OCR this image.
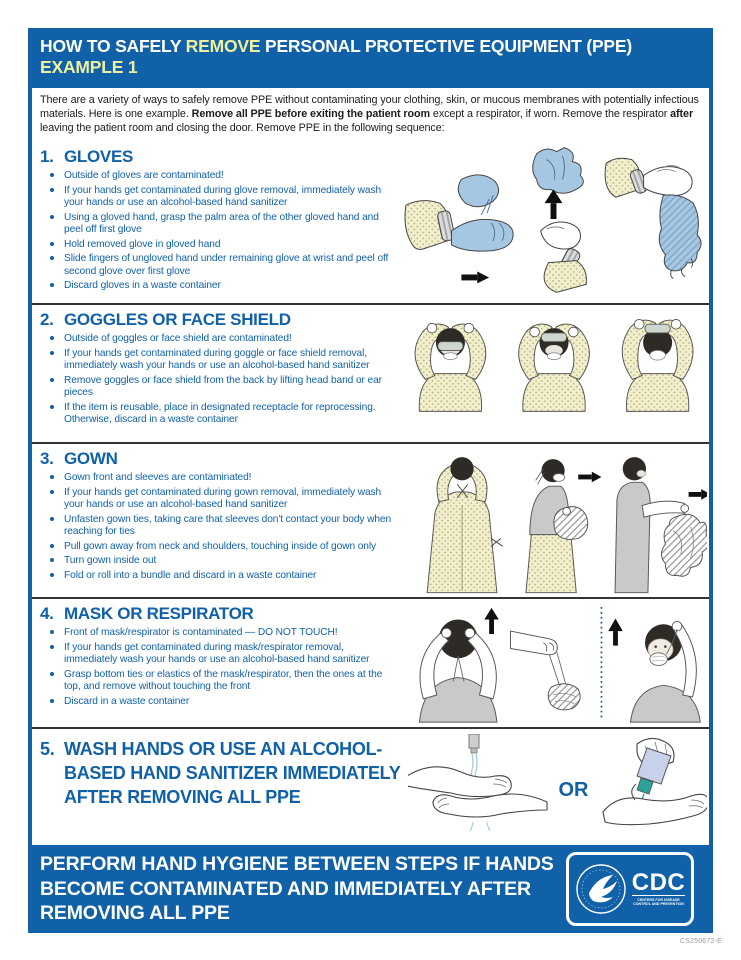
HOW TO SAFELY REMOVE PERSONAL PROTECTIVE EQUIPMENT (PPE)
EXAMPLE 1
There are a variety of ways to safely remove PPE without contaminating your clothing, skin, or mucous membranes with potentially infectious materials. Here is one example. Remove all PPE before exiting the patient room except a respirator, if worn. Remove the respirator after leaving the patient room and closing the door. Remove PPE in the following sequence:
1. GLOVES
Outside of gloves are contaminated!
If your hands get contaminated during glove removal, immediately wash your hands or use an alcohol-based hand sanitizer
Using a gloved hand, grasp the palm area of the other gloved hand and peel off first glove
Hold removed glove in gloved hand
Slide fingers of ungloved hand under remaining glove at wrist and peel off second glove over first glove
Discard gloves in a waste container
2. GOGGLES OR FACE SHIELD
Outside of goggles or face shield are contaminated!
If your hands get contaminated during goggle or face shield removal, immediately wash your hands or use an alcohol-based hand sanitizer
Remove goggles or face shield from the back by lifting head band or ear pieces
If the item is reusable, place in designated receptacle for reprocessing. Otherwise, discard in a waste container
3. GOWN
Gown front and sleeves are contaminated!
If your hands get contaminated during gown removal, immediately wash your hands or use an alcohol-based hand sanitizer
Unfasten gown ties, taking care that sleeves don't contact your body when reaching for ties
Pull gown away from neck and shoulders, touching inside of gown only
Turn gown inside out
Fold or roll into a bundle and discard in a waste container
4. MASK OR RESPIRATOR
Front of mask/respirator is contaminated — DO NOT TOUCH!
If your hands get contaminated during mask/respirator removal, immediately wash your hands or use an alcohol-based hand sanitizer
Grasp bottom ties or elastics of the mask/respirator, then the ones at the top, and remove without touching the front
Discard in a waste container
5. WASH HANDS OR USE AN ALCOHOL-BASED HAND SANITIZER IMMEDIATELY AFTER REMOVING ALL PPE	OR
PERFORM HAND HYGIENE BETWEEN STEPS IF HANDS BECOME CONTAMINATED AND IMMEDIATELY AFTER REMOVING ALL PPE
CDC
CENTERS FOR DISEASE CONTROL AND PREVENTION
CS250672-E
